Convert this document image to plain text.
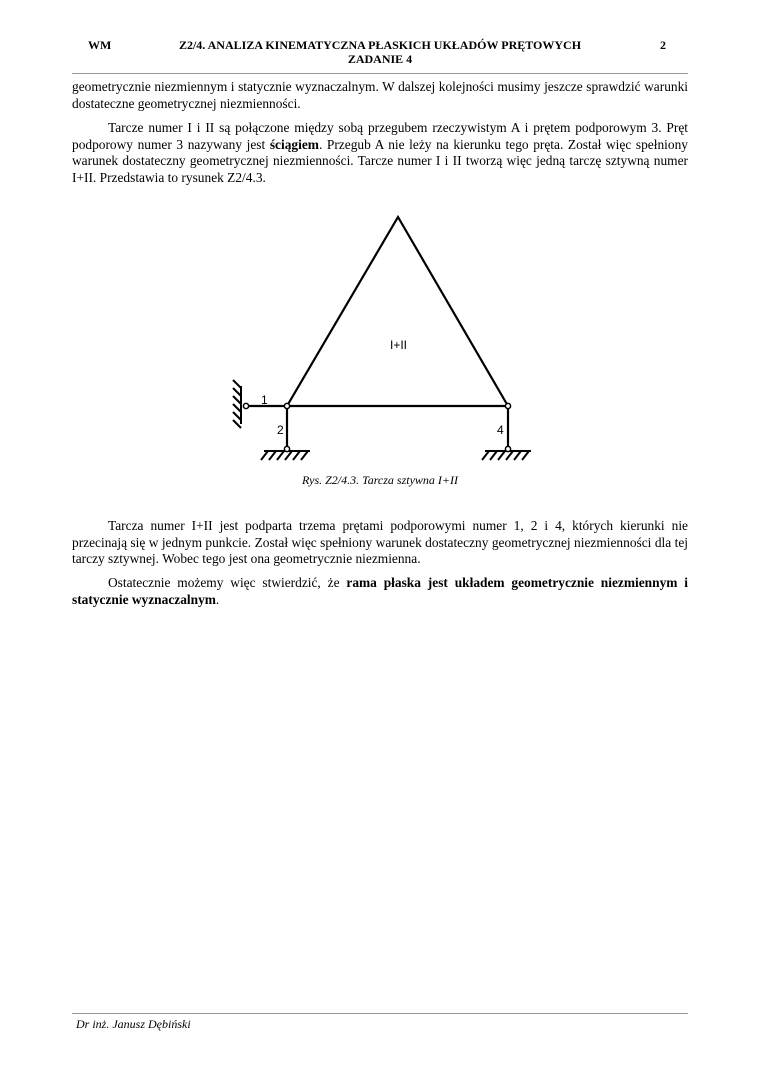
WM	Z2/4. ANALIZA KINEMATYCZNA PŁASKICH UKŁADÓW PRĘTOWYCH
ZADANIE 4
2

geometrycznie niezmiennym i statycznie wyznaczalnym. W dalszej kolejności musimy jeszcze sprawdzić warunki dostateczne geometrycznej niezmienności.

Tarcze numer I i II są połączone między sobą przegubem rzeczywistym A i prętem podporowym 3. Pręt podporowy numer 3 nazywany jest ściągiem. Przegub A nie leży na kierunku tego pręta. Został więc spełniony warunek dostateczny geometrycznej niezmienności. Tarcze numer I i II tworzą więc jedną tarczę sztywną numer I+II. Przedstawia to rysunek Z2/4.3.

I+II
1
2	4
Rys. Z2/4.3. Tarcza sztywna I+II

Tarcza numer I+II jest podparta trzema prętami podporowymi numer 1, 2 i 4, których kierunki nie przecinają się w jednym punkcie. Został więc spełniony warunek dostateczny geometrycznej niezmienności dla tej tarczy sztywnej. Wobec tego jest ona geometrycznie niezmienna.

Ostatecznie możemy więc stwierdzić, że rama płaska jest układem geometrycznie niezmiennym i statycznie wyznaczalnym.

Dr inż. Janusz Dębiński
